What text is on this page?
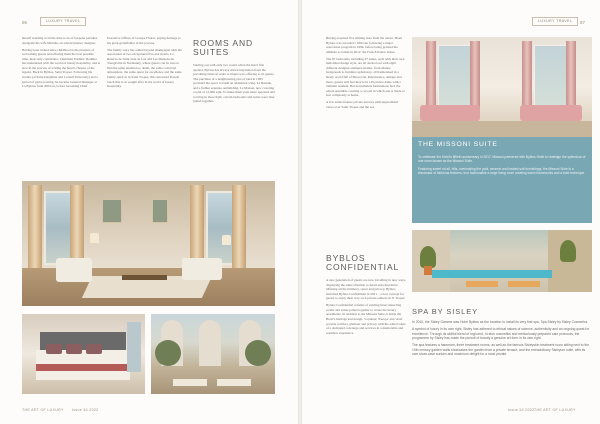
86	LUXURY TRAVEL

herself standing at all the time to be of bespoke paradise alongside his wife Mireille, an advent interior designer.

Having been visited since childhood is the pleasure of welcoming guests and offering them the best possible time, their only contributor, Chairman Frédéric Douillet has maintained with the world of luxury hospitality, and is now in the process of writing the hotel's chapter of the legend. Back in Byblos, Saint Tropez. Following his studies (at Paris-Dauphine and Cornell University) and a period of globe-trotting, he became General Manager at La Byblos from 2004 on, before becoming Chief

Executive Officer of Groupe Floirat, paying homage to his great-grandfather in the process.

The family story has added beyond champagne with the association of two exceptional five-star hotels, La Réserve de Saint Jean de Luz and Les Maisons du Tourgéville in Normandy, where guests can be sure to find the same attention to detail, the same convivial atmosphere, the same quest for excellence and the same family spirit as in Saint Tropez, this renowned French touch that is so sought after in the world of luxury hospitality.

ROOMS AND
SUITES

Starting out with only two rooms when the hotel first opened, Byblos has always drawn inspiration from the prevailing times in order to improve its offering to its guests. The purchase of a neighbouring plot of land in 1983 provided the space to build an additional wing, La Bastide, and a further separate outbuilding, La Maison, now covering a total of 12,000 sqm. To make them even more spacious and to bring in more light, certain bedrooms and suites were later joined together.

THE ART OF LUXURY Issue 54 2022
LUXURY TRAVEL	87

Having acquired five shining stars from the outset, Hotel Byblos was awarded a fifth star following a major renovation program in 1999, before being granted the ultimate accolade in 2012: the French Palace status.

The 87 bedrooms, including 47 suites, each with their own individual design style, are all decked out with eight different designer-stamped textiles, from shades, bedspreads to furniture upholstery, all harmonised in a heady world full of Moroccan, Renaissance, antique and more, guests will feel they're in a Provence dame with a Tahitian resident. But nevertheless harmonious feel, the whole ensemble creating a cocoon in which one is made to feel completely at home.

A few suites feature private terraces with unparalleled views over Saint Tropez and the sea.

BYBLOS
CONFIDENTIAL

A new generation of guests are now travelling in new ways, displaying the same attention to detail and experience. Offering all the intimacy, space and privacy, Byblos launched Byblos Confidential in 2021 – a new concept for guests to enjoy their very own private address in St Tropez.

Byblos Confidential consists of existing interconnecting rooms and suites joined together to create the luxury apartments. In addition to the Missoni Suite, it holds the Hotel's heritage and design, 3 options: 'Europe' and 'Asia' provide comfort, glamour and privacy with the added value of a dedicated concierge and services in a memorable and seamless experience.

THE MISSONI SUITE

To celebrate the Hotel's fiftieth anniversary in 2017, Missoni partnered with Byblos Hotel to redesign the splendour of one room known as the Missoni Suite.

Featuring sweet nd all, hills, overlooking the pool, ceramic and heated soft furnishings, the Missoni Suite is a showcase of fabulous textures, true fashionable a large living room creating warm frameworks and a bold technique.

SPA BY SISLEY

In 2010, the Sisley Gamme was Hotel Byblos as the location to install its very first spa, Spa Sisley by Sisley Cosmetics.

A symbol of luxury in its own right, Sisley has adhered to ethical values of science, authenticity and an ongoing quest for excellence. Through its skillful blend of high-end, hi-tech cosmetics and meticulously prepared care protocols, the programme by Sisley has made the pursuit of beauty a genuine art form in its own right.

The spa features a hammam, three treatment rooms, as well as the famous Sisleyskin treatment room sitting next to the 19th century garden walls showcases the garden from a private terrace, and the extraordinary Sisleyum suite, with its own show-cave sunken and maximum delight for a most private.

Issue 54 2022 THE ART OF LUXURY
